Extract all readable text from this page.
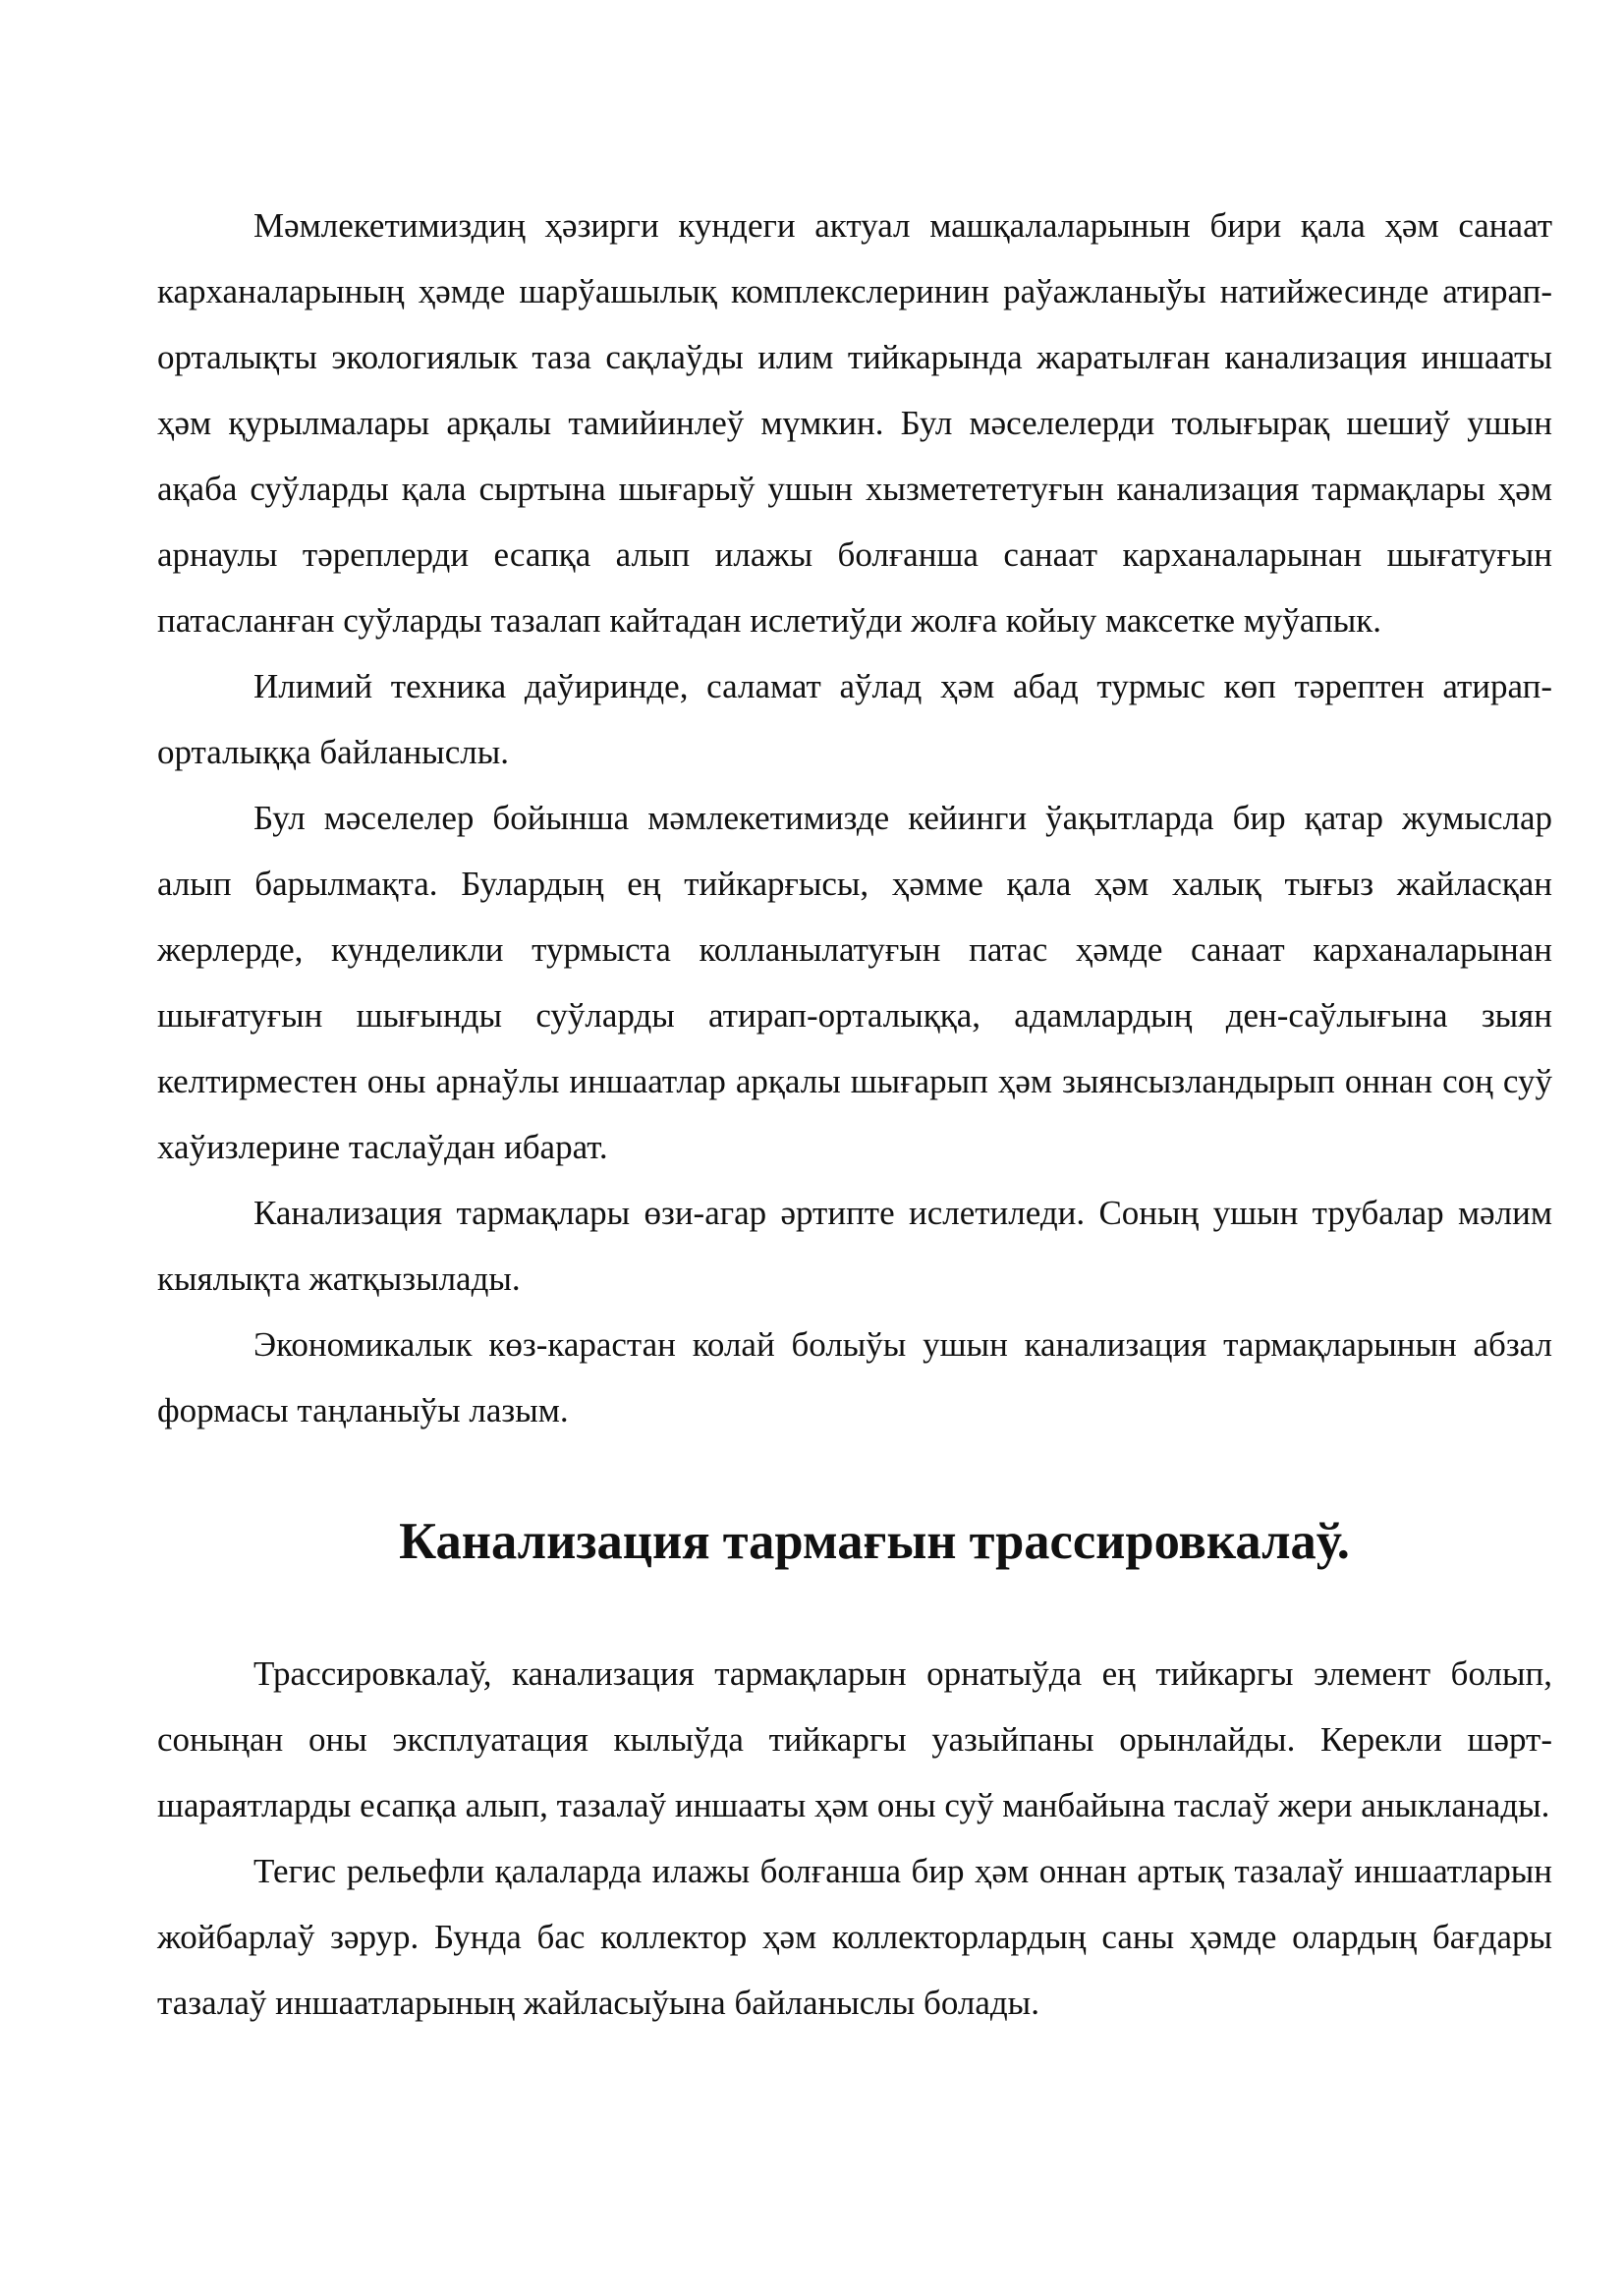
Мәмлекетимиздиң ҳәзирги кундеги актуал машқалаларынын бири қала ҳәм санаат карханаларының ҳәмде шарўашылық комплекслеринин раўажланыўы натийжесинде атирап-орталықты экологиялык таза сақлаўды илим тийкарында жаратылған канализация иншааты ҳәм қурылмалары арқалы тамийинлеў мүмкин. Бул мәселелерди толығырақ шешиў ушын ақаба суўларды қала сыртына шығарыў ушын хызметететуғын канализация тармақлары ҳәм арнаулы тәреплерди есапқа алып илажы болғанша санаат карханаларынан шығатуғын патасланған суўларды тазалап кайтадан ислетиўди жолға койыу максетке муўапык.

Илимий техника даўиринде, саламат аўлад ҳәм абад турмыс көп тәрептен атирап-орталыққа байланыслы.

Бул мәселелер бойынша мәмлекетимизде кейинги ўақытларда бир қатар жумыслар алып барылмақта. Булардың ең тийкарғысы, ҳәмме қала ҳәм халық тығыз жайласқан жерлерде, кунделикли турмыста колланылатуғын патас ҳәмде санаат карханаларынан шығатуғын шығынды суўларды атирап-орталыққа, адамлардың ден-саўлығына зыян келтирместен оны арнаўлы иншаатлар арқалы шығарып ҳәм зыянсызландырып оннан соң суў хаўизлерине таслаўдан ибарат.

Канализация тармақлары өзи-агар әртипте ислетиледи. Соның ушын трубалар мәлим кыялықта жатқызылады.

Экономикалык көз-карастан колай болыўы ушын канализация тармақларынын абзал формасы таңланыўы лазым.

Канализация тармағын трассировкалаў.

Трассировкалаў, канализация тармақларын орнатыўда ең тийкаргы элемент болып, соныңан оны эксплуатация кылыўда тийкаргы уазыйпаны орынлайды. Керекли шәрт-шараятларды есапқа алып, тазалаў иншааты ҳәм оны суў манбайына таслаў жери аныкланады.

Тегис рельефли қалаларда илажы болғанша бир ҳәм оннан артық тазалаў иншаатларын жойбарлаў зәрур. Бунда бас коллектор ҳәм коллекторлардың саны ҳәмде олардың бағдары тазалаў иншаатларының жайласыўына байланыслы болады.
